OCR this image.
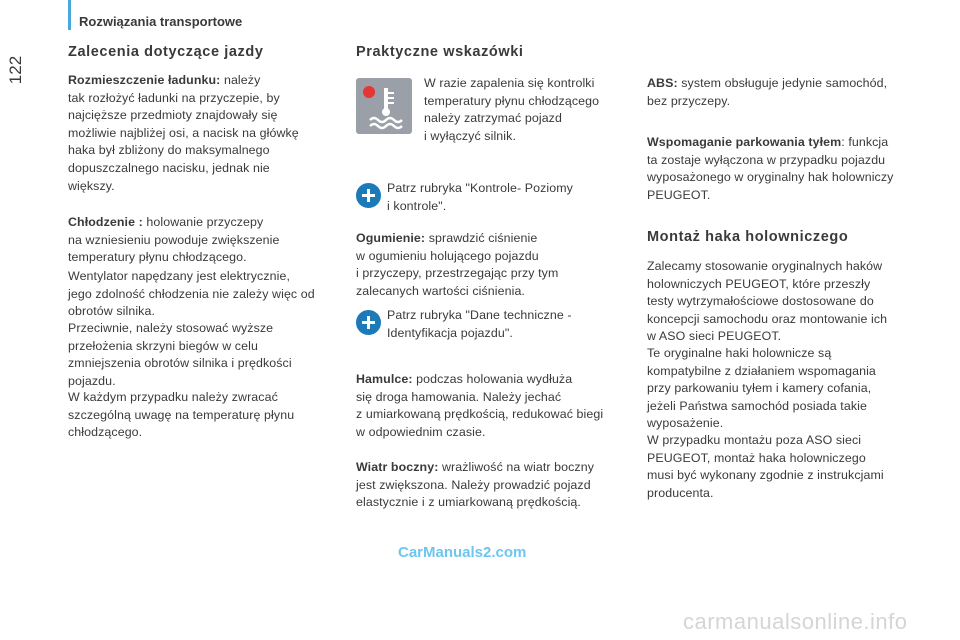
Rozwiązania transportowe
122
Zalecenia dotyczące jazdy

Rozmieszczenie ładunku: należy
tak rozłożyć ładunki na przyczepie, by
najcięższe przedmioty znajdowały się
możliwie najbliżej osi, a nacisk na główkę
haka był zbliżony do maksymalnego
dopuszczalnego nacisku, jednak nie
większy.

Chłodzenie : holowanie przyczepy
na wzniesieniu powoduje zwiększenie
temperatury płynu chłodzącego.

Wentylator napędzany jest elektrycznie,
jego zdolność chłodzenia nie zależy więc od
obrotów silnika.

Przeciwnie, należy stosować wyższe
przełożenia skrzyni biegów w celu
zmniejszenia obrotów silnika i prędkości
pojazdu.

W każdym przypadku należy zwracać
szczególną uwagę na temperaturę płynu
chłodzącego.

Praktyczne wskazówki

W razie zapalenia się kontrolki
temperatury płynu chłodzącego
należy zatrzymać pojazd
i wyłączyć silnik.

Patrz rubryka "Kontrole- Poziomy
i kontrole".

Ogumienie: sprawdzić ciśnienie
w ogumieniu holującego pojazdu
i przyczepy, przestrzegając przy tym
zalecanych wartości ciśnienia.

Patrz rubryka "Dane techniczne -
Identyfikacja pojazdu".

Hamulce: podczas holowania wydłuża
się droga hamowania. Należy jechać
z umiarkowaną prędkością, redukować biegi
w odpowiednim czasie.

Wiatr boczny: wrażliwość na wiatr boczny
jest zwiększona. Należy prowadzić pojazd
elastycznie i z umiarkowaną prędkością.

ABS: system obsługuje jedynie samochód,
bez przyczepy.

Wspomaganie parkowania tyłem: funkcja
ta zostaje wyłączona w przypadku pojazdu
wyposażonego w oryginalny hak holowniczy
PEUGEOT.

Montaż haka holowniczego

Zalecamy stosowanie oryginalnych haków
holowniczych PEUGEOT, które przeszły
testy wytrzymałościowe dostosowane do
koncepcji samochodu oraz montowanie ich
w ASO sieci PEUGEOT.

Te oryginalne haki holownicze są
kompatybilne z działaniem wspomagania
przy parkowaniu tyłem i kamery cofania,
jeżeli Państwa samochód posiada takie
wyposażenie.

W przypadku montażu poza ASO sieci
PEUGEOT, montaż haka holowniczego
musi być wykonany zgodnie z instrukcjami
producenta.

CarManuals2.com
carmanualsonline.info
